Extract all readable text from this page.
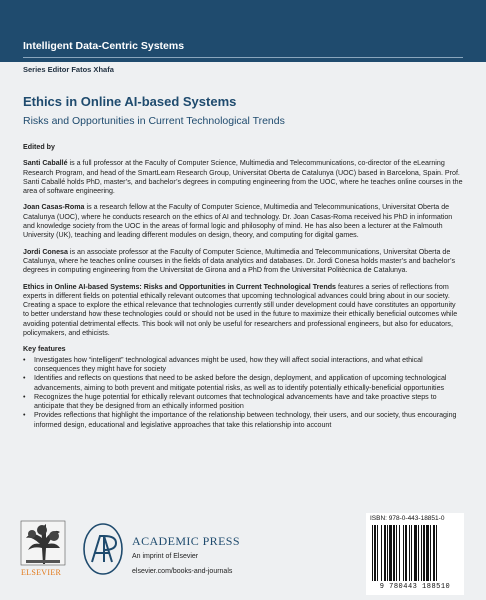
Intelligent Data-Centric Systems
Series Editor Fatos Xhafa
Ethics in Online AI-based Systems
Risks and Opportunities in Current Technological Trends
Edited by
Santi Caballé is a full professor at the Faculty of Computer Science, Multimedia and Telecommunications, co-director of the eLearning Research Program, and head of the SmartLearn Research Group, Universitat Oberta de Catalunya (UOC) based in Barcelona, Spain. Prof. Santi Caballé holds PhD, master’s, and bachelor’s degrees in computing engineering from the UOC, where he teaches online courses in the area of software engineering.
Joan Casas-Roma is a research fellow at the Faculty of Computer Science, Multimedia and Telecommunications, Universitat Oberta de Catalunya (UOC), where he conducts research on the ethics of AI and technology. Dr. Joan Casas-Roma received his PhD in information and knowledge society from the UOC in the areas of formal logic and philosophy of mind. He has also been a lecturer at the Falmouth University (UK), teaching and leading different modules on design, theory, and computing for digital games.
Jordi Conesa is an associate professor at the Faculty of Computer Science, Multimedia and Telecommunications, Universitat Oberta de Catalunya, where he teaches online courses in the fields of data analytics and databases. Dr. Jordi Conesa holds master’s and bachelor’s degrees in computing engineering from the Universitat de Girona and a PhD from the Universitat Politècnica de Catalunya.
Ethics in Online AI-based Systems: Risks and Opportunities in Current Technological Trends features a series of reflections from experts in different fields on potential ethically relevant outcomes that upcoming technological advances could bring about in our society. Creating a space to explore the ethical relevance that technologies currently still under development could have constitutes an opportunity to better understand how these technologies could or should not be used in the future to maximize their ethically beneficial outcomes while avoiding potential detrimental effects. This book will not only be useful for researchers and professional engineers, but also for educators, policymakers, and ethicists.
Key features
• Investigates how “intelligent” technological advances might be used, how they will affect social interactions, and what ethical consequences they might have for society
• Identifies and reflects on questions that need to be asked before the design, deployment, and application of upcoming technological advancements, aiming to both prevent and mitigate potential risks, as well as to identify potentially ethically-beneficial opportunities
• Recognizes the huge potential for ethically relevant outcomes that technological advancements have and take proactive steps to anticipate that they be designed from an ethically informed position
• Provides reflections that highlight the importance of the relationship between technology, their users, and our society, thus encouraging informed design, educational and legislative approaches that take this relationship into account
ELSEVIER
ACADEMIC PRESS
An imprint of Elsevier
elsevier.com/books-and-journals
ISBN: 978-0-443-18851-0
9 780443 188510
